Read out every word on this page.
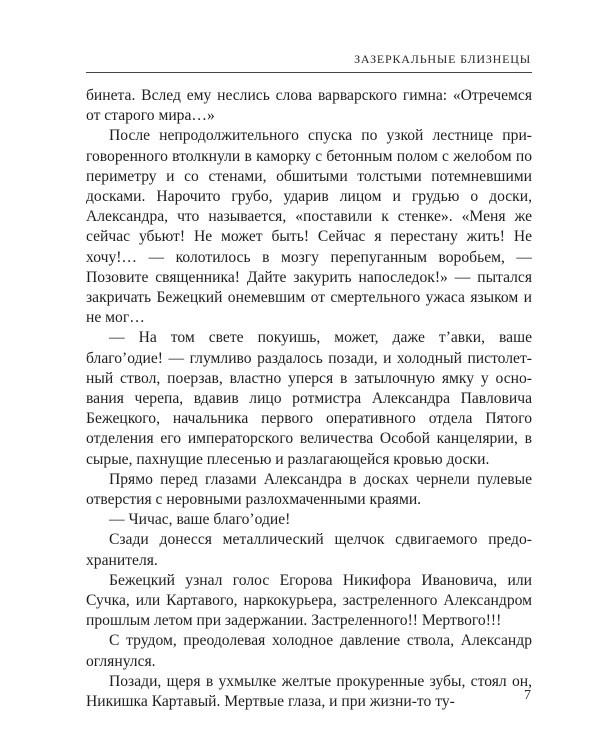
ЗАЗЕРКАЛЬНЫЕ БЛИЗНЕЦЫ

бинета. Вслед ему неслись слова варварского гимна: «Отречемся от старого мира…»

После непродолжительного спуска по узкой лестнице приговоренного втолкнули в каморку с бетонным полом с желобом по периметру и со стенами, обшитыми толстыми потемневшими досками. Нарочито грубо, ударив лицом и грудью о доски, Александра, что называется, «поставили к стенке». «Меня же сейчас убьют! Не может быть! Сейчас я перестану жить! Не хочу!… — колотилось в мозгу перепуганным воробьем, — Позовите священника! Дайте закурить напоследок!» — пытался закричать Бежецкий онемевшим от смертельного ужаса языком и не мог…

— На том свете покуишь, может, даже т’авки, ваше благо’одие! — глумливо раздалось позади, и холодный пистолетный ствол, поерзав, властно уперся в затылочную ямку у основания черепа, вдавив лицо ротмистра Александра Павловича Бежецкого, начальника первого оперативного отдела Пятого отделения его императорского величества Особой канцелярии, в сырые, пахнущие плесенью и разлагающейся кровью доски.

Прямо перед глазами Александра в досках чернели пулевые отверстия с неровными разлохмаченными краями.

— Чичас, ваше благо’одие!

Сзади донесся металлический щелчок сдвигаемого предохранителя.

Бежецкий узнал голос Егорова Никифора Ивановича, или Сучка, или Картавого, наркокурьера, застреленного Александром прошлым летом при задержании. Застреленного!! Мертвого!!!

С трудом, преодолевая холодное давление ствола, Александр оглянулся.

Позади, щеря в ухмылке желтые прокуренные зубы, стоял он, Никишка Картавый. Мертвые глаза, и при жизни-то ту-	7
